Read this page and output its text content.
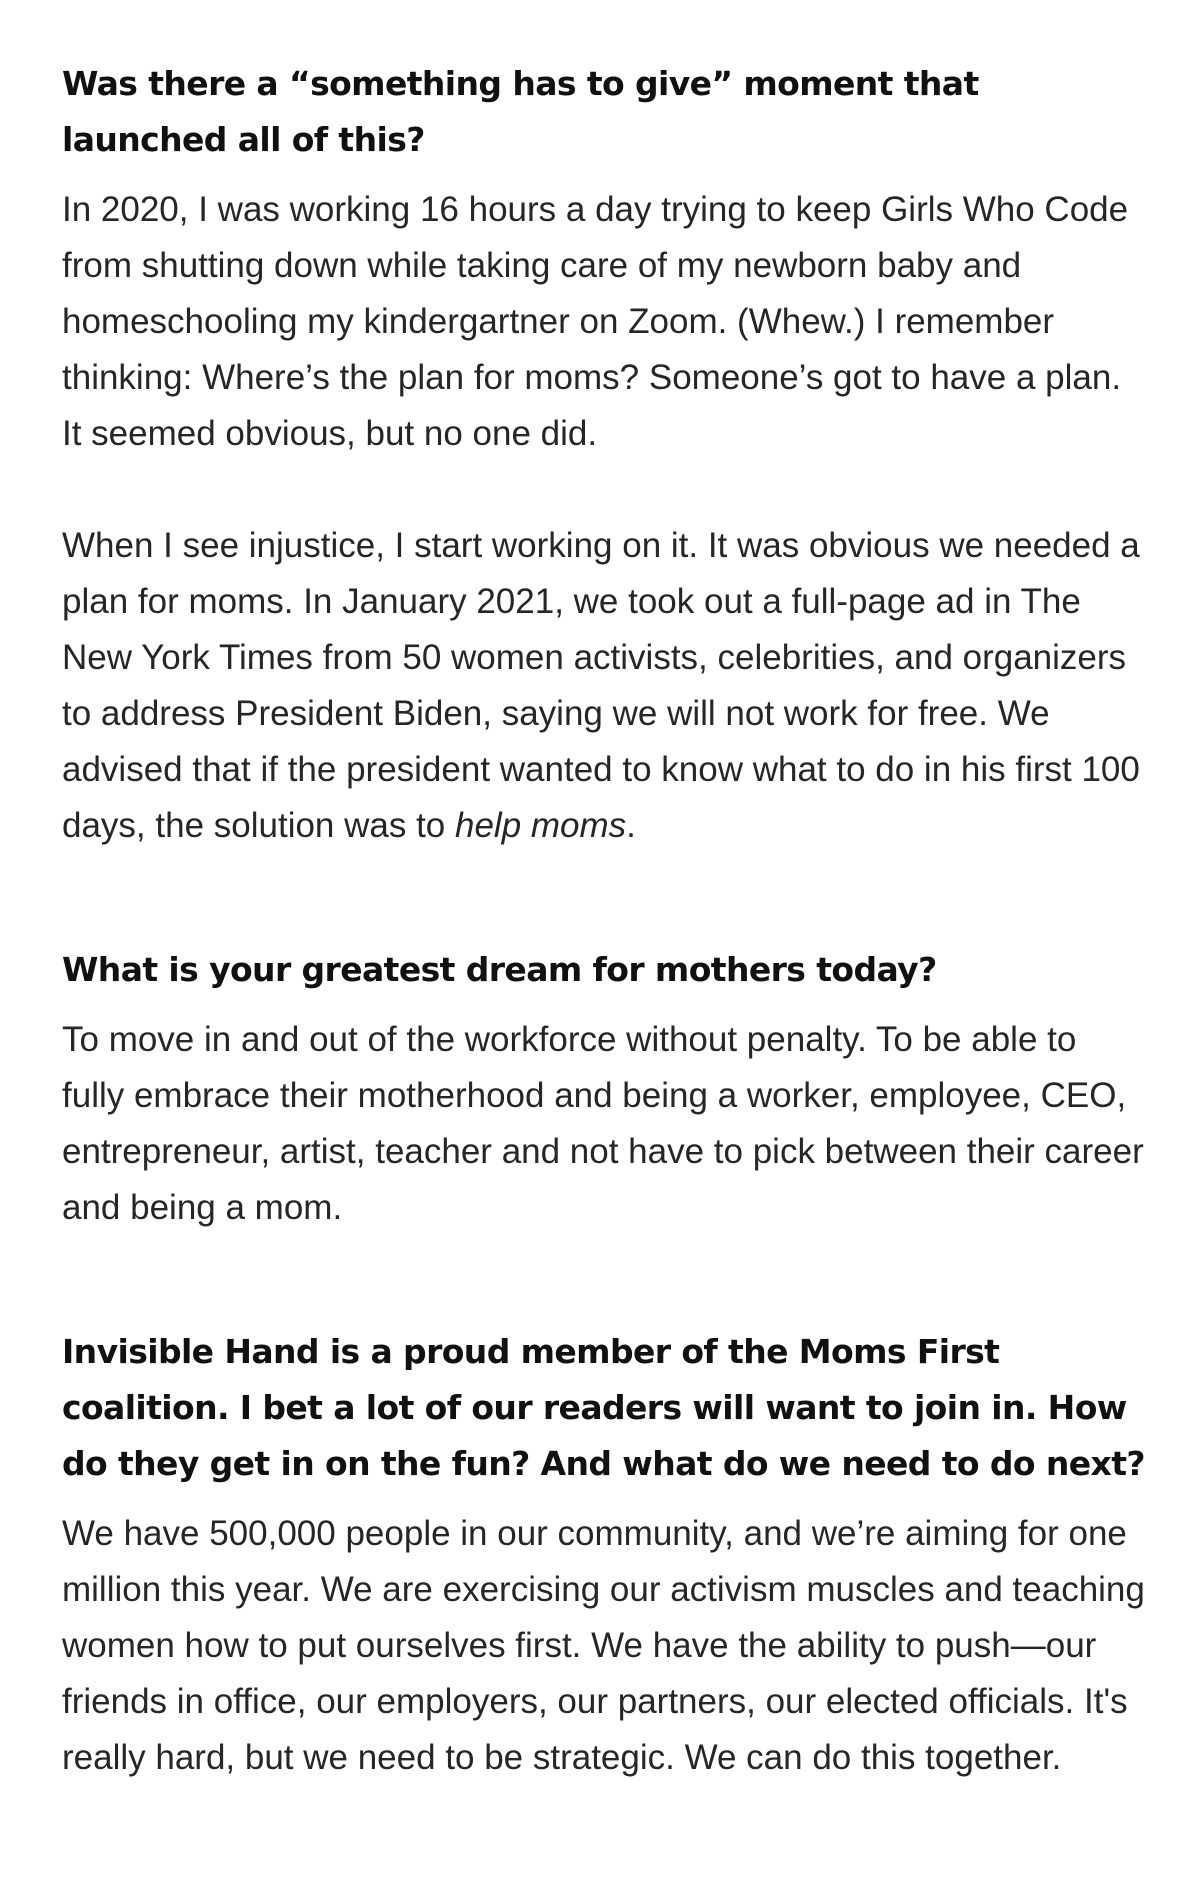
Was there a “something has to give” moment that launched all of this?

In 2020, I was working 16 hours a day trying to keep Girls Who Code from shutting down while taking care of my newborn baby and homeschooling my kindergartner on Zoom. (Whew.) I remember thinking: Where’s the plan for moms? Someone’s got to have a plan. It seemed obvious, but no one did.

When I see injustice, I start working on it. It was obvious we needed a plan for moms. In January 2021, we took out a full-page ad in The New York Times from 50 women activists, celebrities, and organizers to address President Biden, saying we will not work for free. We advised that if the president wanted to know what to do in his first 100 days, the solution was to help moms.

What is your greatest dream for mothers today?

To move in and out of the workforce without penalty. To be able to fully embrace their motherhood and being a worker, employee, CEO, entrepreneur, artist, teacher and not have to pick between their career and being a mom.

Invisible Hand is a proud member of the Moms First coalition. I bet a lot of our readers will want to join in. How do they get in on the fun? And what do we need to do next?

We have 500,000 people in our community, and we’re aiming for one million this year. We are exercising our activism muscles and teaching women how to put ourselves first. We have the ability to push—our friends in office, our employers, our partners, our elected officials. It's really hard, but we need to be strategic. We can do this together.
